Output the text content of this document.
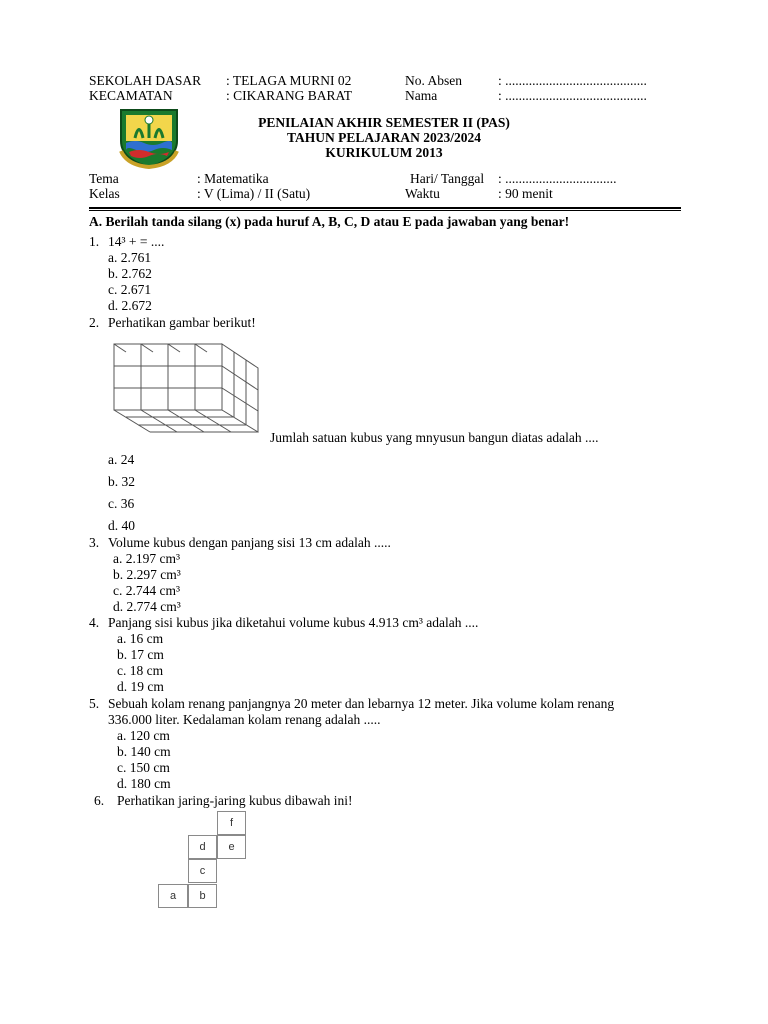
SEKOLAH DASAR : TELAGA MURNI 02	No. Absen	: ..........................................
KECAMATAN	: CIKARANG BARAT	Nama	: ..........................................
PENILAIAN AKHIR SEMESTER II (PAS)
TAHUN PELAJARAN 2023/2024
KURIKULUM 2013
Tema	: Matematika	Hari/ Tanggal : .................................
Kelas	: V (Lima) / II (Satu)	Waktu	: 90 menit
A. Berilah tanda silang (x) pada huruf A, B, C, D atau E pada jawaban yang benar!
1. 14³ + = ....
a. 2.761
b. 2.762
c. 2.671
d. 2.672
2. Perhatikan gambar berikut!
Jumlah satuan kubus yang mnyusun bangun diatas adalah ....
a. 24
b. 32
c. 36
d. 40
3. Volume kubus dengan panjang sisi 13 cm adalah .....
a. 2.197 cm³
b. 2.297 cm³
c. 2.744 cm³
d. 2.774 cm³
4. Panjang sisi kubus jika diketahui volume kubus 4.913 cm³ adalah ....
a. 16 cm
b. 17 cm
c. 18 cm
d. 19 cm
5. Sebuah kolam renang panjangnya 20 meter dan lebarnya 12 meter. Jika volume kolam renang
336.000 liter. Kedalaman kolam renang adalah .....
a. 120 cm
b. 140 cm
c. 150 cm
d. 180 cm
6. Perhatikan jaring-jaring kubus dibawah ini!
f
d	e
c
a	b
